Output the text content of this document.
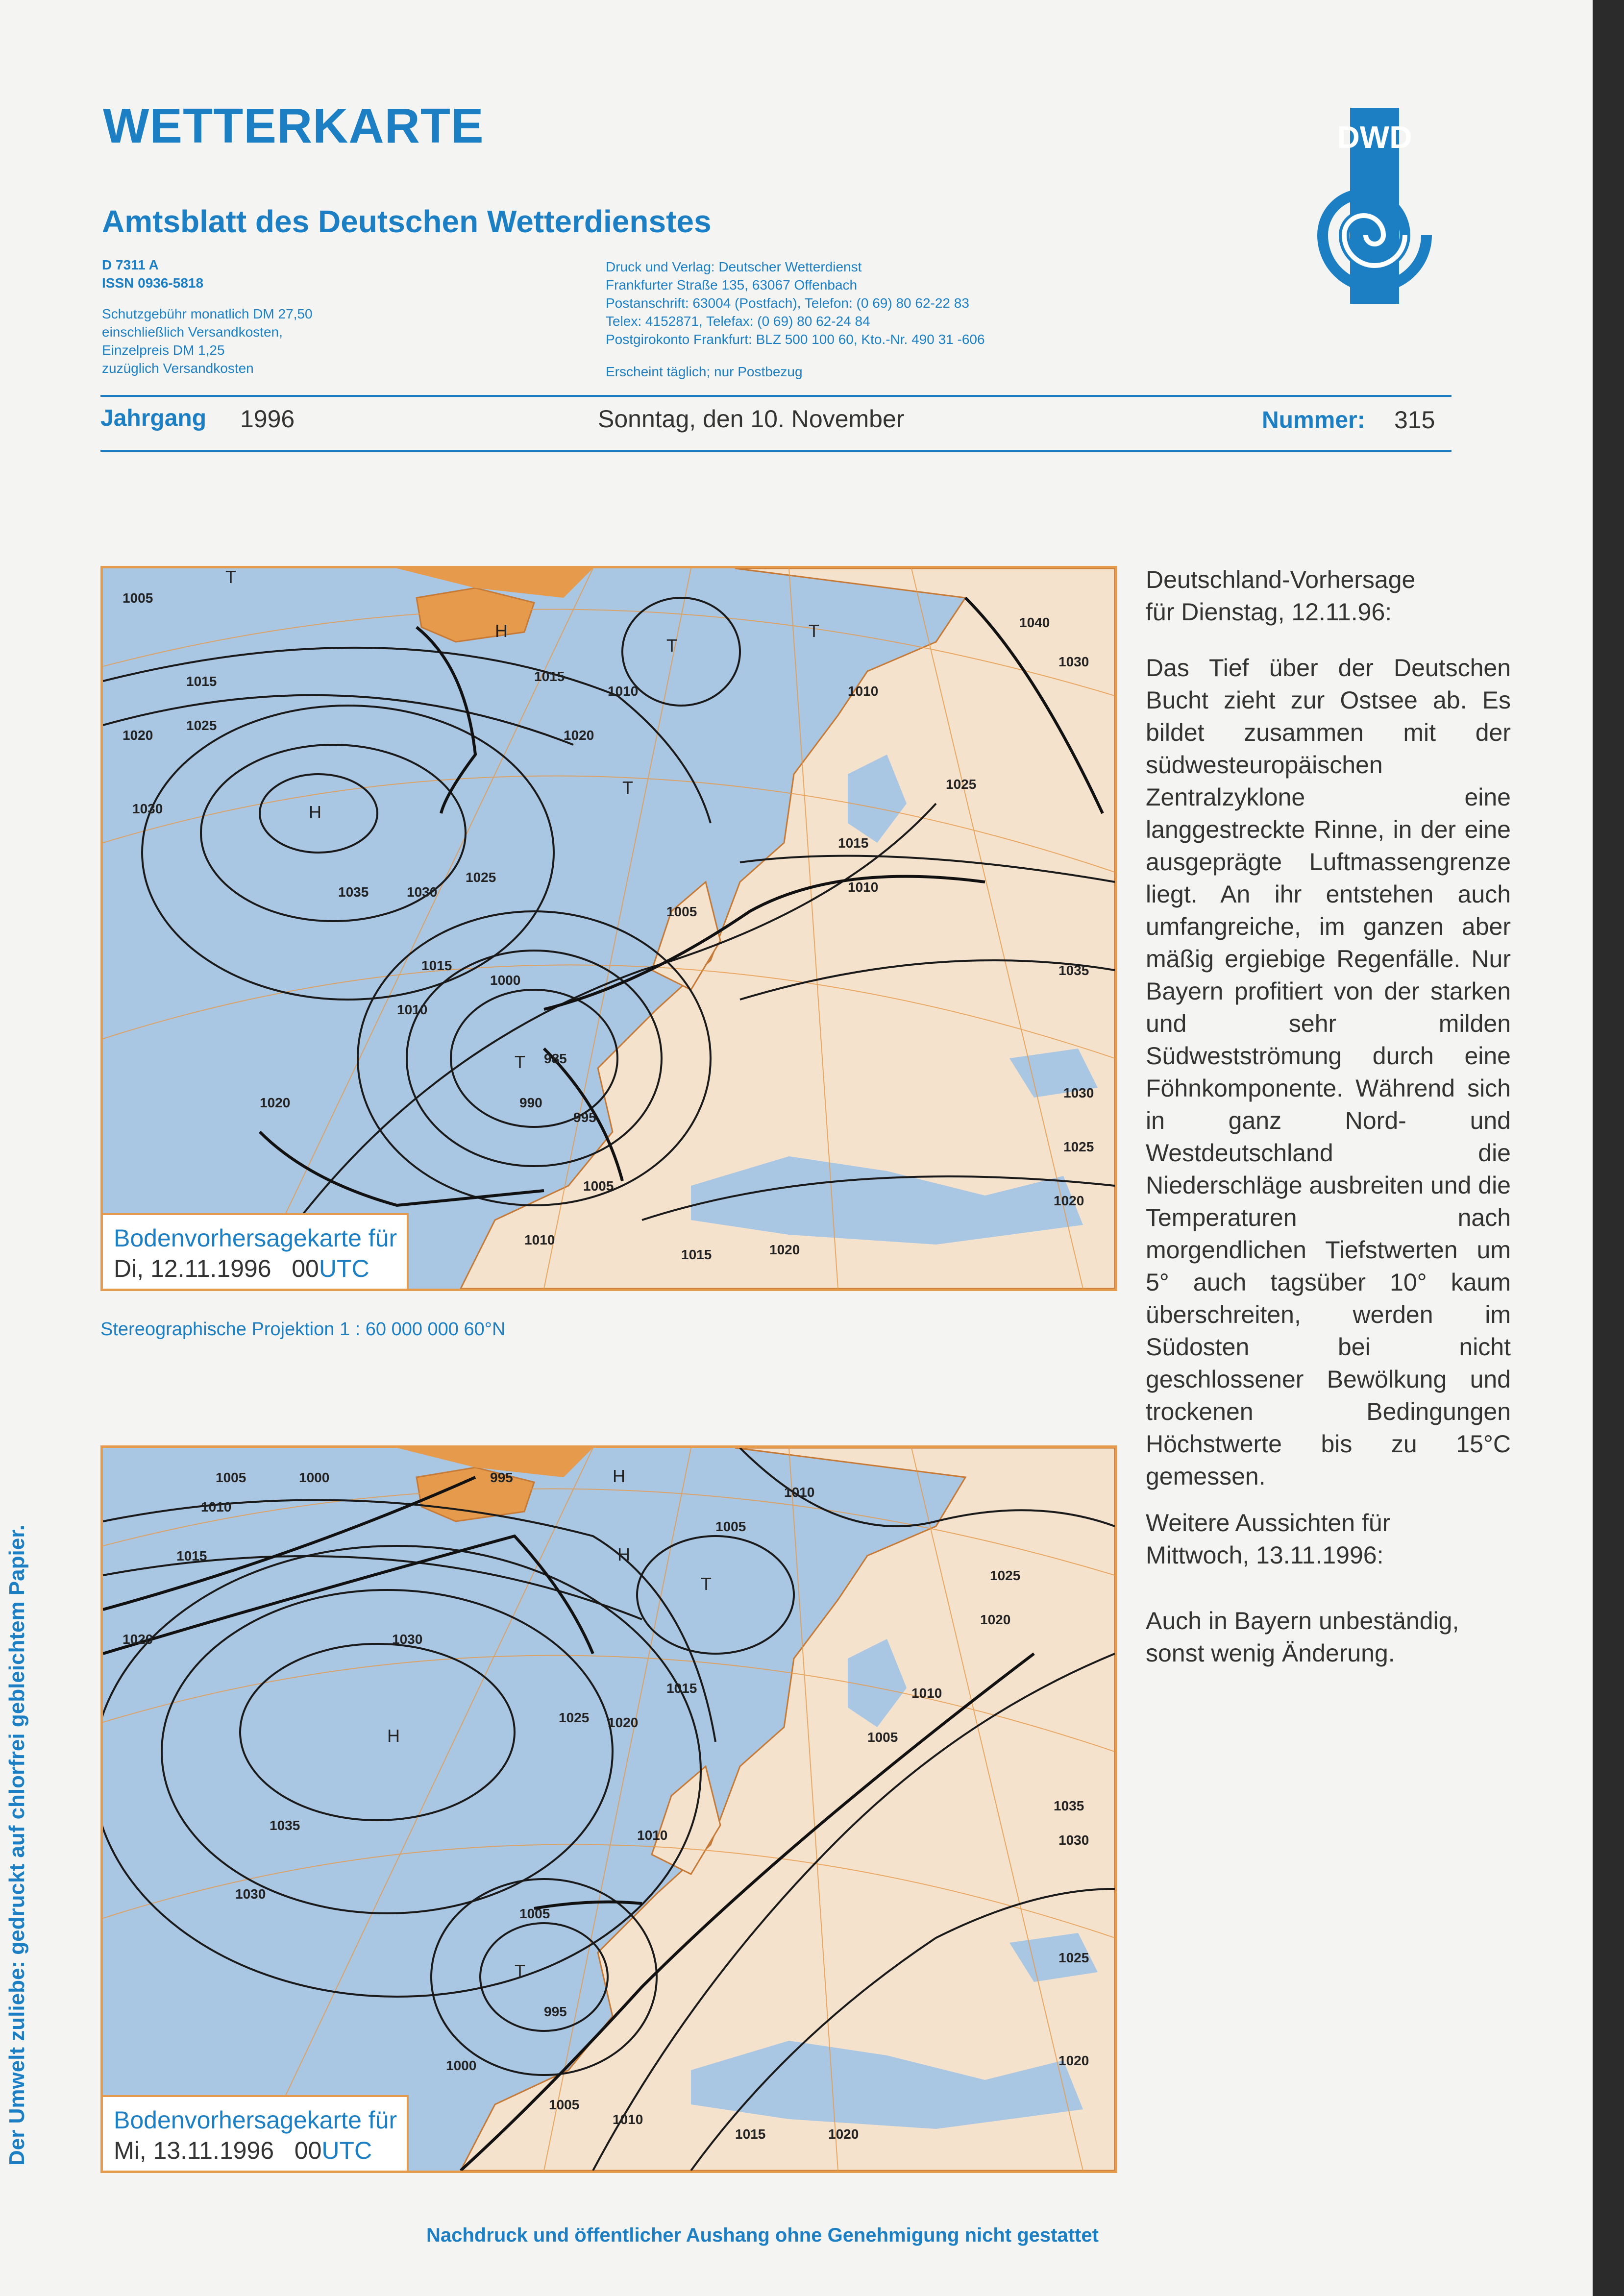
WETTERKARTE
Amtsblatt des Deutschen Wetterdienstes
D 7311 A
ISSN 0936-5818
Schutzgebühr monatlich DM 27,50
einschließlich Versandkosten,
Einzelpreis DM 1,25
zuzüglich Versandkosten
Druck und Verlag: Deutscher Wetterdienst
Frankfurter Straße 135, 63067 Offenbach
Postanschrift: 63004 (Postfach), Telefon: (0 69) 80 62-22 83
Telex: 4152871, Telefax: (0 69) 80 62-24 84
Postgirokonto Frankfurt: BLZ 500 100 60, Kto.-Nr. 490 31 -606
Erscheint täglich; nur Postbezug
DWD
Jahrgang 1996	Sonntag, den 10. November	Nummer: 315
1005
1015
1020
1025
1030
1035	1030
1025
1015
1010
1000
985
990
995
1005
1010
1020
1015
1010
1020
1005
1010
1030
1025
1035
1030
1025
1020
1040
1015
1010
1015	1020
H
H
T
T
T
T
T
Bodenvorhersagekarte für
Di, 12.11.1996 00UTC
Stereographische Projektion 1 : 60 000 000 60°N
1005	1000	995
1010
1015
1020	1030
1035
1030
1025
1015
1020
1010
1005
995
1000
1005
1010
1015	1020
1010
1025
1020
1010
1005
1035
1030
1025
1020
1005
H
H
H
T
T
Bodenvorhersagekarte für
Mi, 13.11.1996 00UTC
Deutschland-Vorhersage
für Dienstag, 12.11.96:
Das Tief über der Deutschen Bucht zieht zur Ostsee ab. Es bildet zusammen mit der südwesteuropäischen Zentralzyklone eine langgestreckte Rinne, in der eine ausgeprägte Luftmassengrenze liegt. An ihr entstehen auch umfangreiche, im ganzen aber mäßig ergiebige Regenfälle. Nur Bayern profitiert von der starken und sehr milden Südwestströmung durch eine Föhnkomponente. Während sich in ganz Nord- und Westdeutschland die Niederschläge ausbreiten und die Temperaturen nach morgendlichen Tiefstwerten um 5° auch tagsüber 10° kaum überschreiten, werden im Südosten bei nicht geschlossener Bewölkung und trockenen Bedingungen Höchstwerte bis zu 15°C gemessen.
Weitere Aussichten für
Mittwoch, 13.11.1996:
Auch in Bayern unbeständig, sonst wenig Änderung.
Nachdruck und öffentlicher Aushang ohne Genehmigung nicht gestattet
Der Umwelt zuliebe: gedruckt auf chlorfrei gebleichtem Papier.
